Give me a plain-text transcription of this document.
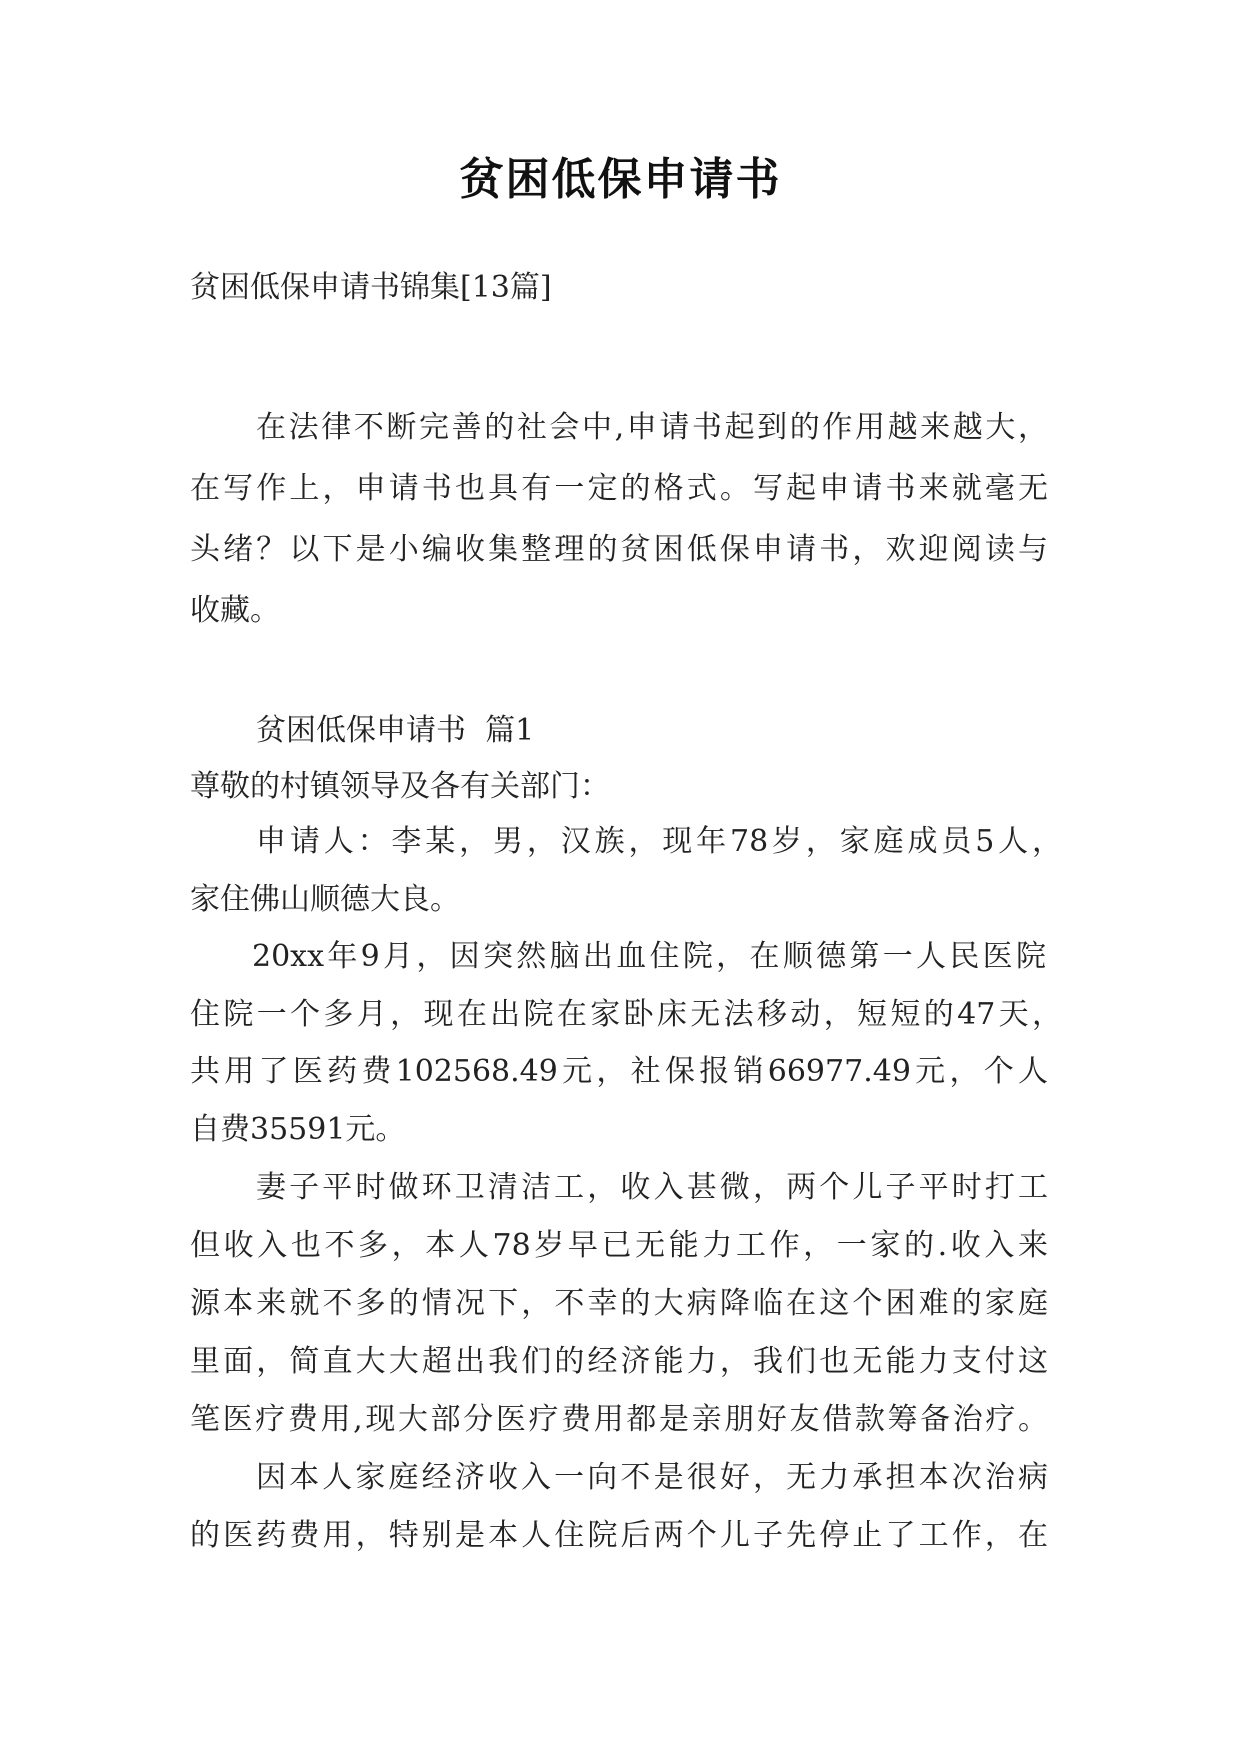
贫困低保申请书
贫困低保申请书锦集[13篇]
在法律不断完善的社会中,申请书起到的作用越来越大，
在写作上，申请书也具有一定的格式。写起申请书来就毫无
头绪？以下是小编收集整理的贫困低保申请书，欢迎阅读与
收藏。
贫困低保申请书  篇1
尊敬的村镇领导及各有关部门：
申请人：李某，男，汉族，现年78岁，家庭成员5人，
家住佛山顺德大良。
20xx年9月，因突然脑出血住院，在顺德第一人民医院
住院一个多月，现在出院在家卧床无法移动，短短的47天，
共用了医药费102568.49元，社保报销66977.49元，个人
自费35591元。
妻子平时做环卫清洁工，收入甚微，两个儿子平时打工
但收入也不多，本人78岁早已无能力工作，一家的.收入来
源本来就不多的情况下，不幸的大病降临在这个困难的家庭
里面，简直大大超出我们的经济能力，我们也无能力支付这
笔医疗费用,现大部分医疗费用都是亲朋好友借款筹备治疗。
因本人家庭经济收入一向不是很好，无力承担本次治病
的医药费用，特别是本人住院后两个儿子先停止了工作，在
